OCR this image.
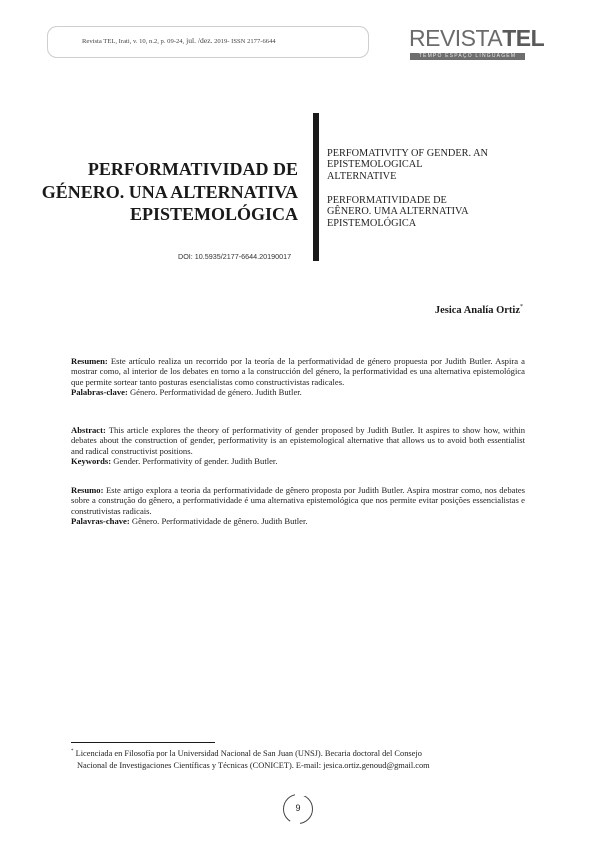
Revista TEL, Irati, v. 10, n.2, p. 09-24, jul. /dez. 2019- ISSN 2177-6644	REVISTATEL
TEMPO ESPAÇO LINGUAGEM
PERFORMATIVIDAD DE
GÉNERO. UNA ALTERNATIVA
EPISTEMOLÓGICA
PERFOMATIVITY OF GENDER. AN
EPISTEMOLOGICAL
ALTERNATIVE
PERFORMATIVIDADE DE
GÊNERO. UMA ALTERNATIVA
EPISTEMOLÓGICA
DOI: 10.5935/2177-6644.20190017
Jesica Analía Ortiz*

Resumen: Este artículo realiza un recorrido por la teoría de la performatividad de género propuesta por Judith Butler. Aspira a mostrar como, al interior de los debates en torno a la construcción del género, la performatividad es una alternativa epistemológica que permite sortear tanto posturas esencialistas como constructivistas radicales.

Palabras-clave: Género. Performatividad de género. Judith Butler.

Abstract: This article explores the theory of performativity of gender proposed by Judith Butler. It aspires to show how, within debates about the construction of gender, performativity is an epistemological alternative that allows us to avoid both essentialist and radical constructivist positions.

Keywords: Gender. Performativity of gender. Judith Butler.

Resumo: Este artigo explora a teoria da performatividade de gênero proposta por Judith Butler. Aspira mostrar como, nos debates sobre a construção do gênero, a performatividade é uma alternativa epistemológica que nos permite evitar posições essencialistas e construtivistas radicais.

Palavras-chave: Gênero. Performatividade de gênero. Judith Butler.

* Licenciada en Filosofía por la Universidad Nacional de San Juan (UNSJ). Becaria doctoral del Consejo
Nacional de Investigaciones Científicas y Técnicas (CONICET). E-mail: jesica.ortiz.genoud@gmail.com
9
